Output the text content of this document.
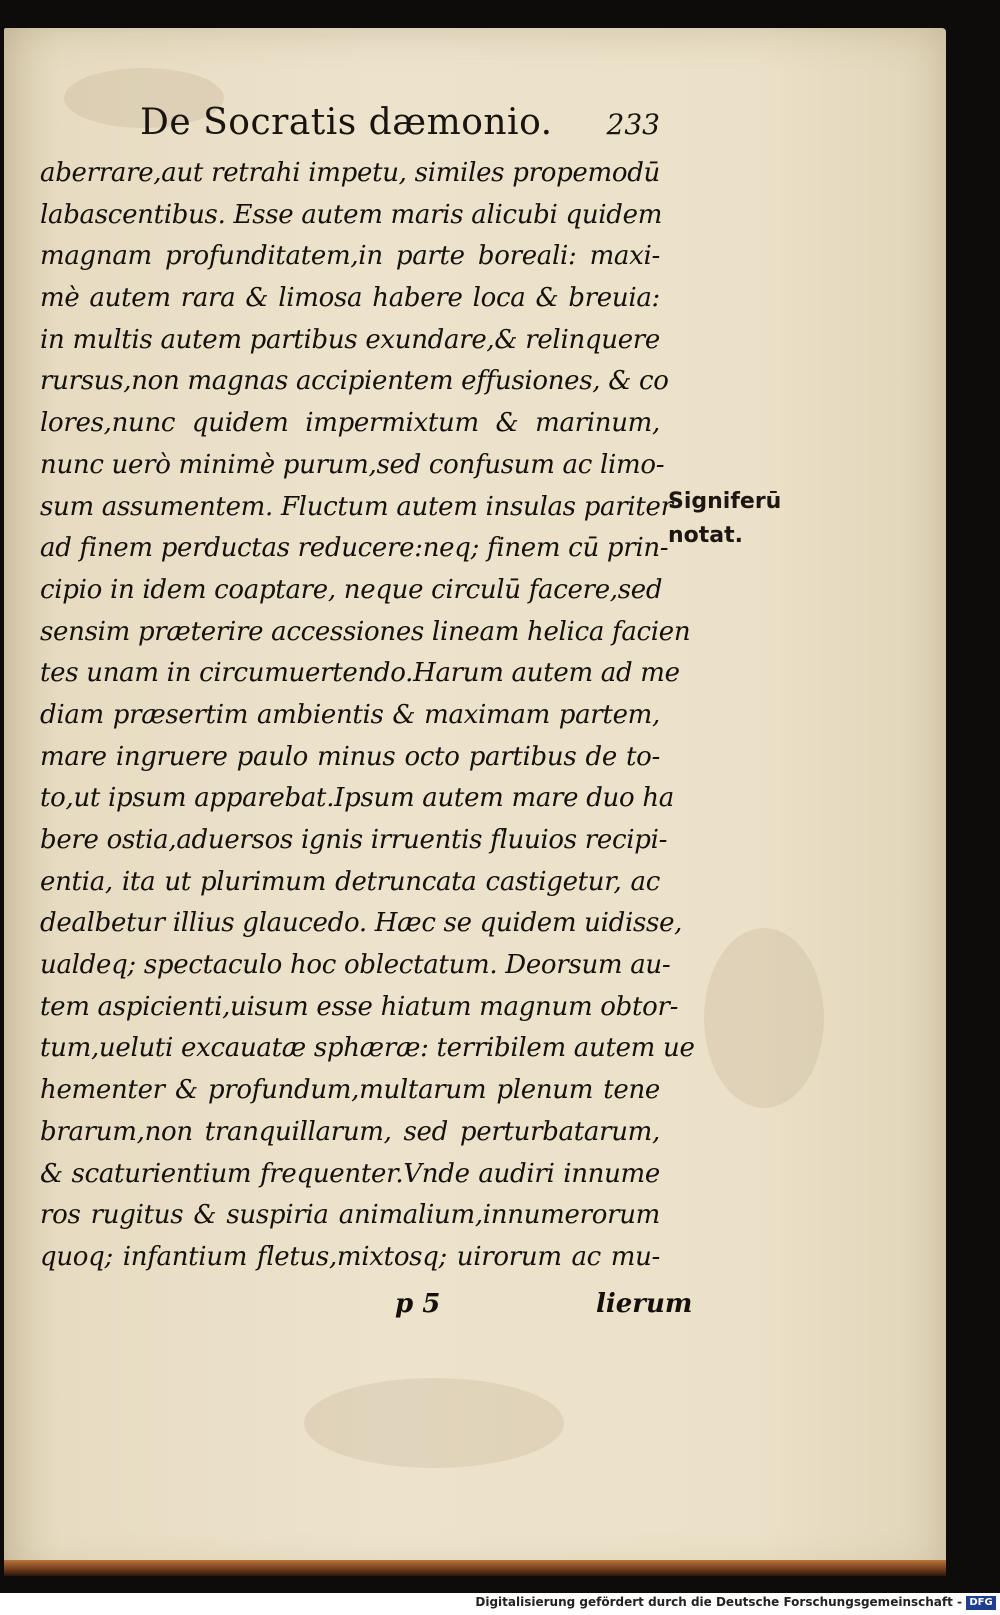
De Socratis dæmonio. 233
aberrare,aut retrahi impetu, similes propemodū
labascentibus. Esse autem maris alicubi quidem
magnam profunditatem,in parte boreali: maxi-
mè autem rara & limosa habere loca & breuia:
in multis autem partibus exundare,& relinquere
rursus,non magnas accipientem effusiones, & co
lores,nunc quidem impermixtum & marinum,
nunc uerò minimè purum,sed confusum ac limo-
sum assumentem. Fluctum autem insulas pariter
ad finem perductas reducere:neq; finem cū prin-
cipio in idem coaptare, neque circulū facere,sed
sensim præterire accessiones lineam helica facien
tes unam in circumuertendo.Harum autem ad me
diam præsertim ambientis & maximam partem,
mare ingruere paulo minus octo partibus de to-
to,ut ipsum apparebat.Ipsum autem mare duo ha
bere ostia,aduersos ignis irruentis fluuios recipi-
entia, ita ut plurimum detruncata castigetur, ac
dealbetur illius glaucedo. Hæc se quidem uidisse,
ualdeq; spectaculo hoc oblectatum. Deorsum au-
tem aspicienti,uisum esse hiatum magnum obtor-
tum,ueluti excauatæ sphæræ: terribilem autem ue
hementer & profundum,multarum plenum tene
brarum,non tranquillarum, sed perturbatarum,
& scaturientium frequenter.Vnde audiri innume
ros rugitus & suspiria animalium,innumerorum
quoq; infantium fletus,mixtosq; uirorum ac mu-
p 5	lierum
Signiferū
notat.
Digitalisierung gefördert durch die Deutsche Forschungsgemeinschaft - DFG
